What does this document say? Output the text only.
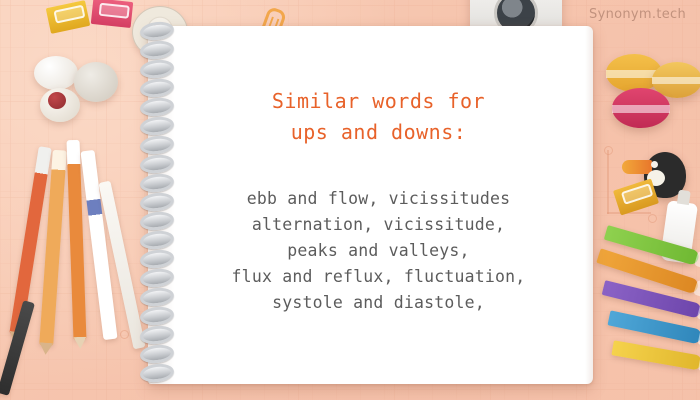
Synonym.tech
Similar words for
ups and downs:
ebb and flow, vicissitudes
alternation, vicissitude,
peaks and valleys,
flux and reflux, fluctuation,
systole and diastole,
